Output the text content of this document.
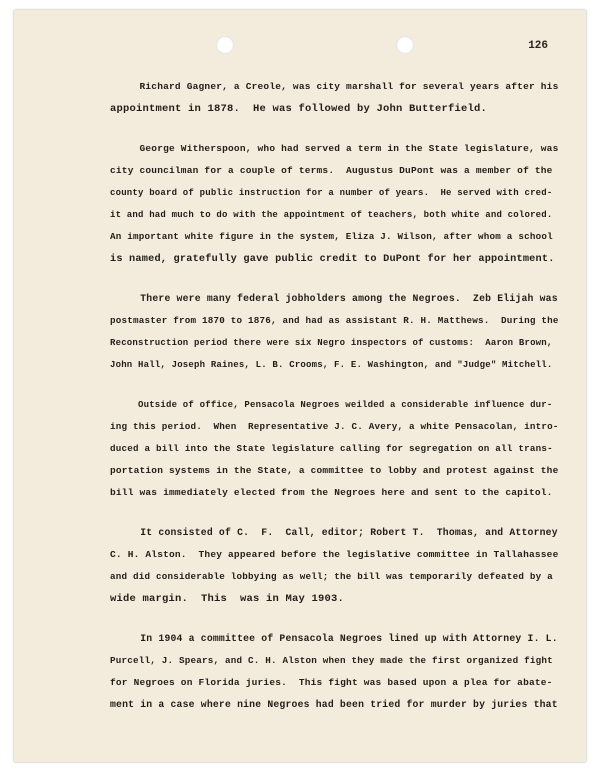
126
Richard Gagner, a Creole, was city marshall for several years after his
appointment in 1878.  He was followed by John Butterfield.
George Witherspoon, who had served a term in the State legislature, was
city councilman for a couple of terms.  Augustus DuPont was a member of the
county board of public instruction for a number of years.  He served with cred-
it and had much to do with the appointment of teachers, both white and colored.
An important white figure in the system, Eliza J. Wilson, after whom a school
is named, gratefully gave public credit to DuPont for her appointment.
There were many federal jobholders among the Negroes.  Zeb Elijah was
postmaster from 1870 to 1876, and had as assistant R. H. Matthews.  During the
Reconstruction period there were six Negro inspectors of customs:  Aaron Brown,
John Hall, Joseph Raines, L. B. Crooms, F. E. Washington, and "Judge" Mitchell.
Outside of office, Pensacola Negroes weilded a considerable influence dur-
ing this period.  When  Representative J. C. Avery, a white Pensacolan, intro-
duced a bill into the State legislature calling for segregation on all trans-
portation systems in the State, a committee to lobby and protest against the
bill was immediately elected from the Negroes here and sent to the capitol.
It consisted of C.  F.  Call, editor; Robert T.  Thomas, and Attorney
C. H. Alston.  They appeared before the legislative committee in Tallahassee
and did considerable lobbying as well; the bill was temporarily defeated by a
wide margin.  This  was in May 1903.
In 1904 a committee of Pensacola Negroes lined up with Attorney I. L.
Purcell, J. Spears, and C. H. Alston when they made the first organized fight
for Negroes on Florida juries.  This fight was based upon a plea for abate-
ment in a case where nine Negroes had been tried for murder by juries that
